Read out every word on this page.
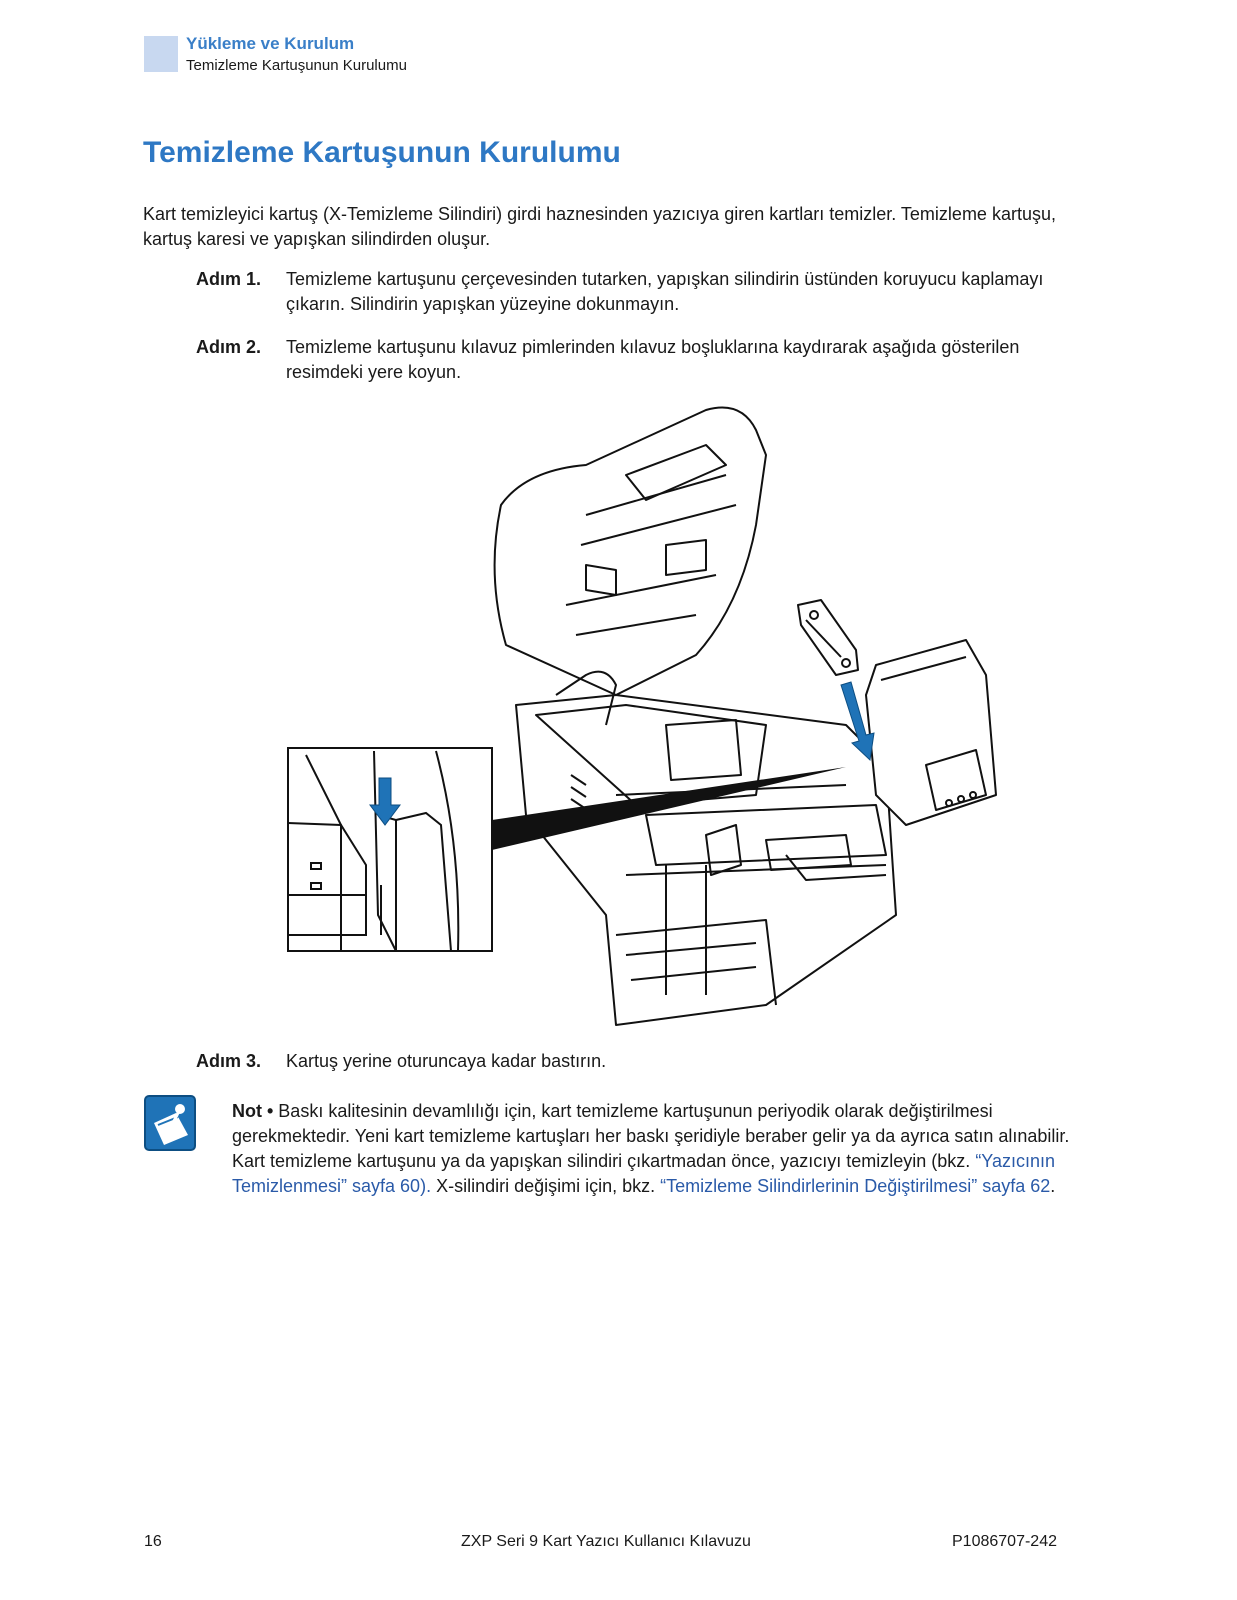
Yükleme ve Kurulum
Temizleme Kartuşunun Kurulumu
Temizleme Kartuşunun Kurulumu

Kart temizleyici kartuş (X-Temizleme Silindiri) girdi haznesinden yazıcıya giren kartları temizler. Temizleme kartuşu, kartuş karesi ve yapışkan silindirden oluşur.

Adım 1. Temizleme kartuşunu çerçevesinden tutarken, yapışkan silindirin üstünden koruyucu kaplamayı çıkarın. Silindirin yapışkan yüzeyine dokunmayın.
Adım 2. Temizleme kartuşunu kılavuz pimlerinden kılavuz boşluklarına kaydırarak aşağıda gösterilen resimdeki yere koyun.
Adım 3. Kartuş yerine oturuncaya kadar bastırın.

Not • Baskı kalitesinin devamlılığı için, kart temizleme kartuşunun periyodik olarak değiştirilmesi gerekmektedir. Yeni kart temizleme kartuşları her baskı şeridiyle beraber gelir ya da ayrıca satın alınabilir. Kart temizleme kartuşunu ya da yapışkan silindiri çıkartmadan önce, yazıcıyı temizleyin (bkz. “Yazıcının Temizlenmesi” sayfa 60). X-silindiri değişimi için, bkz. “Temizleme Silindirlerinin Değiştirilmesi” sayfa 62.

16	ZXP Seri 9 Kart Yazıcı Kullanıcı Kılavuzu	P1086707-242
